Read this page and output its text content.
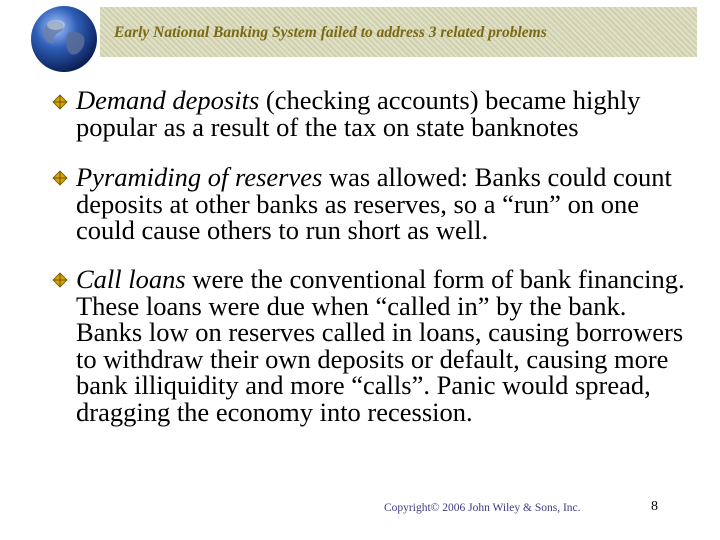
Early National Banking System failed to address 3 related problems
Demand deposits (checking accounts) became highly popular as a result of the tax on state banknotes
Pyramiding of reserves was allowed: Banks could count deposits at other banks as reserves, so a “run” on one could cause others to run short as well.
Call loans were the conventional form of bank financing. These loans were due when “called in” by the bank. Banks low on reserves called in loans, causing borrowers to withdraw their own deposits or default, causing more bank illiquidity and more “calls”. Panic would spread, dragging the economy into recession.
Copyright© 2006 John Wiley & Sons, Inc.	8
